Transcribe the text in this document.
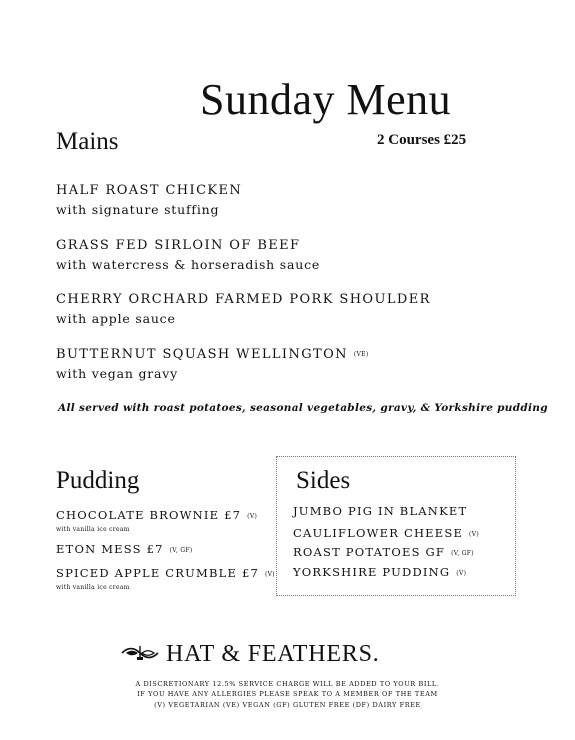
Sunday Menu
2 Courses £25
Mains
HALF ROAST CHICKEN
with signature stuffing
GRASS FED SIRLOIN OF BEEF
with watercress & horseradish sauce
CHERRY ORCHARD FARMED PORK SHOULDER
with apple sauce
BUTTERNUT SQUASH WELLINGTON (VE)
with vegan gravy
All served with roast potatoes, seasonal vegetables, gravy, & Yorkshire pudding
Pudding
CHOCOLATE BROWNIE £7 (V)
with vanilla ice cream
ETON MESS £7 (V, GF)
SPICED APPLE CRUMBLE £7 (V)
with vanilla ice cream
Sides
JUMBO PIG IN BLANKET
CAULIFLOWER CHEESE (V)
ROAST POTATOES GF (V, GF)
YORKSHIRE PUDDING (V)
HAT & FEATHERS.
A DISCRETIONARY 12.5% SERVICE CHARGE WILL BE ADDED TO YOUR BILL.
IF YOU HAVE ANY ALLERGIES PLEASE SPEAK TO A MEMBER OF THE TEAM
(V) VEGETARIAN (VE) VEGAN (GF) GLUTEN FREE (DF) DAIRY FREE
